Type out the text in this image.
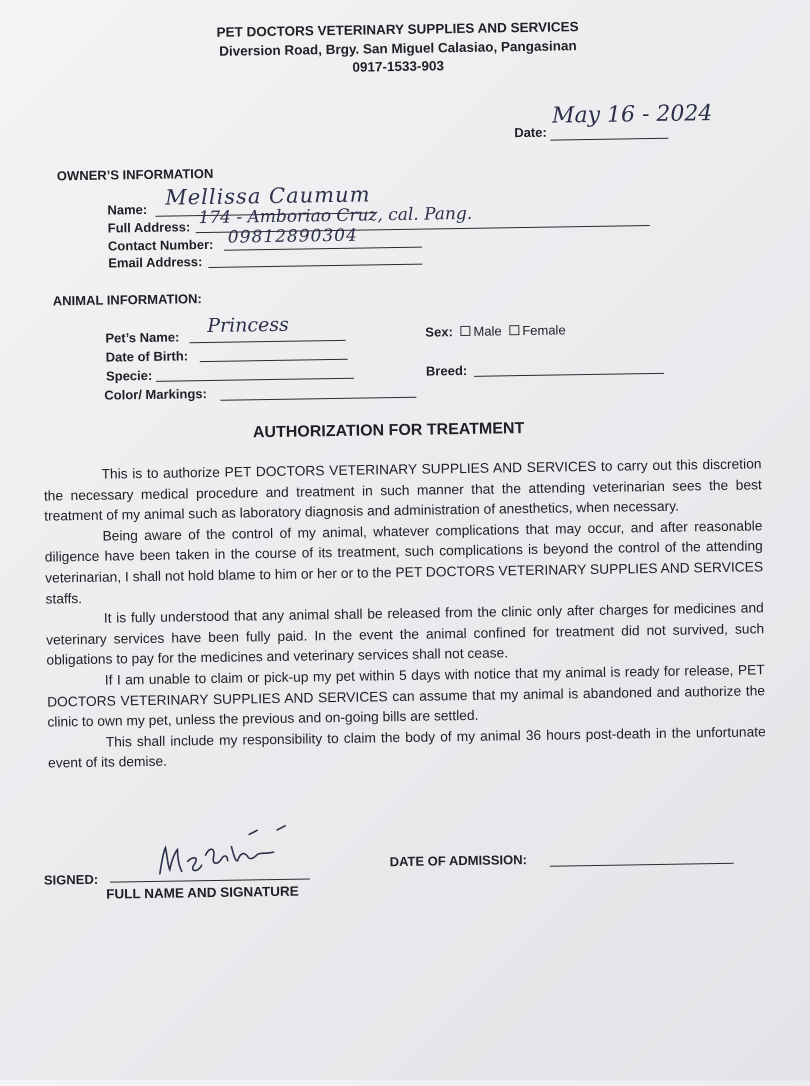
PET DOCTORS VETERINARY SUPPLIES AND SERVICES
Diversion Road, Brgy. San Miguel Calasiao, Pangasinan
0917-1533-903
Date:
May 16 - 2024
OWNER’S INFORMATION
Name:
Mellissa Caumum
Full Address: 174 - Amboriao Cruz, cal. Pang.
Contact Number: 09812890304
Email Address:
ANIMAL INFORMATION:
Pet’s Name:
Princess
Date of Birth:
Specie:
Color/ Markings:
Sex: Male Female
Breed:
AUTHORIZATION FOR TREATMENT

This is to authorize PET DOCTORS VETERINARY SUPPLIES AND SERVICES to carry out this discretion the necessary medical procedure and treatment in such manner that the attending veterinarian sees the best treatment of my animal such as laboratory diagnosis and administration of anesthetics, when necessary.

Being aware of the control of my animal, whatever complications that may occur, and after reasonable diligence have been taken in the course of its treatment, such complications is beyond the control of the attending veterinarian, I shall not hold blame to him or her or to the PET DOCTORS VETERINARY SUPPLIES AND SERVICES staffs.

It is fully understood that any animal shall be released from the clinic only after charges for medicines and veterinary services have been fully paid. In the event the animal confined for treatment did not survived, such obligations to pay for the medicines and veterinary services shall not cease.

If I am unable to claim or pick-up my pet within 5 days with notice that my animal is ready for release, PET DOCTORS VETERINARY SUPPLIES AND SERVICES can assume that my animal is abandoned and authorize the clinic to own my pet, unless the previous and on-going bills are settled.

This shall include my responsibility to claim the body of my animal 36 hours post-death in the unfortunate event of its demise.

SIGNED:
FULL NAME AND SIGNATURE
DATE OF ADMISSION:
